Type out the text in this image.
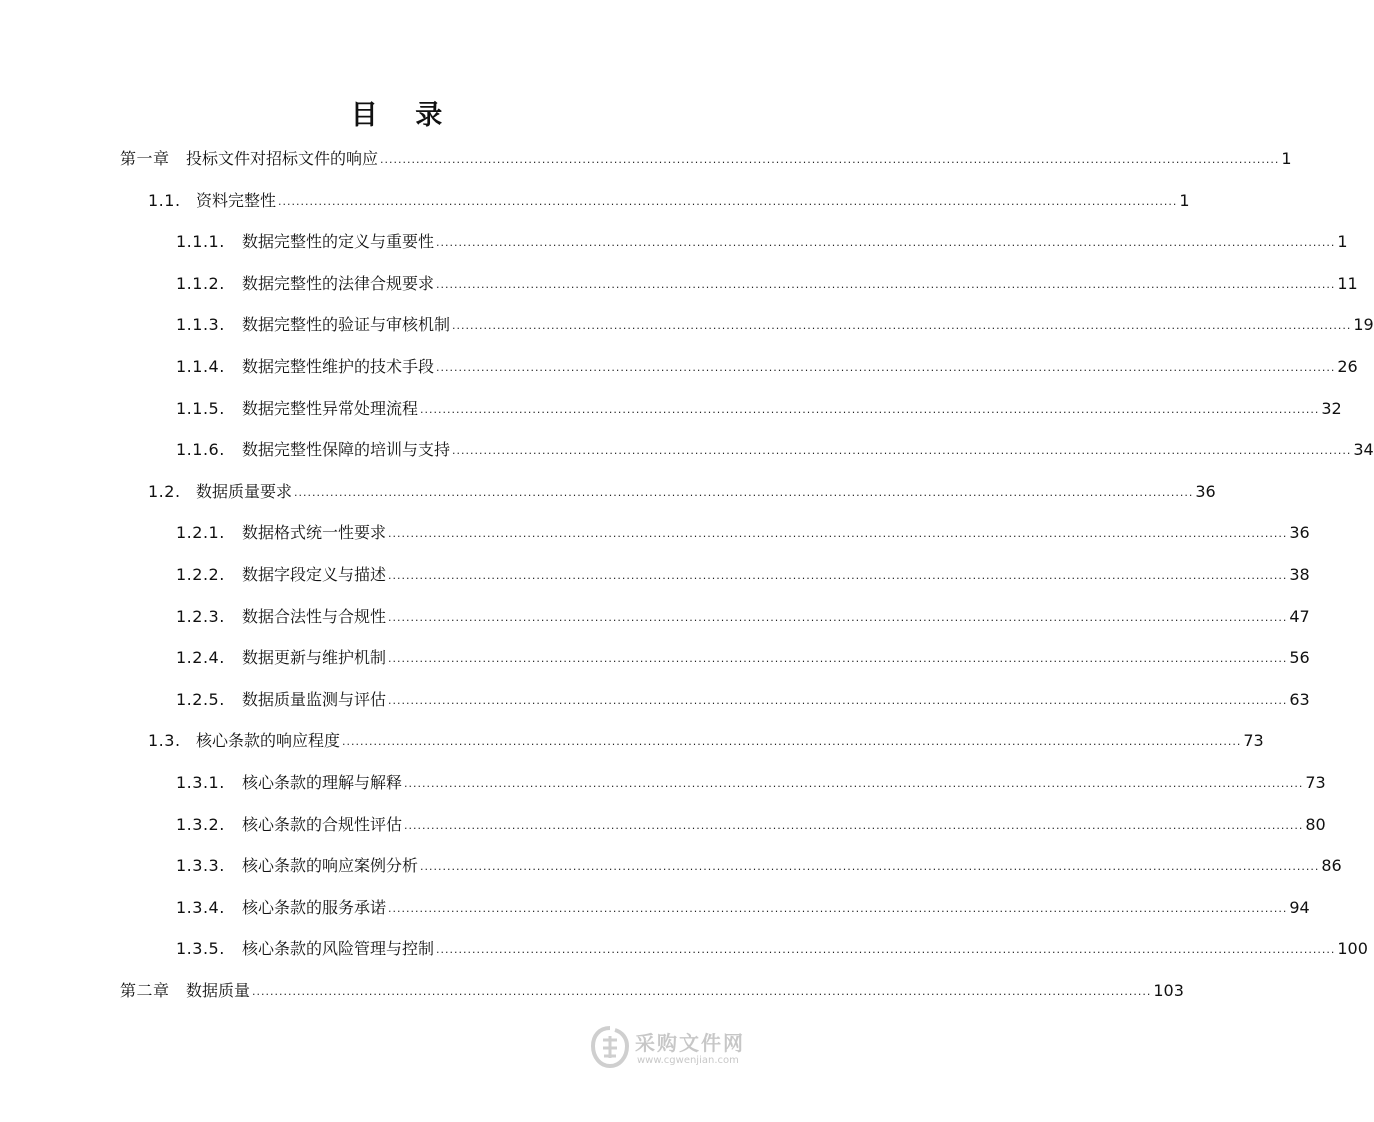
目 录
第一章	投标文件对招标文件的响应 ........................................................................................................................................................................................................ 1
1.1. 资料完整性 ........................................................................................................................................................................................................ 1
1.1.1.	数据完整性的定义与重要性 ........................................................................................................................................................................................................ 1
1.1.2.	数据完整性的法律合规要求 ........................................................................................................................................................................................................ 11
1.1.3.	数据完整性的验证与审核机制 ........................................................................................................................................................................................................ 19
1.1.4.	数据完整性维护的技术手段 ........................................................................................................................................................................................................ 26
1.1.5.	数据完整性异常处理流程 ........................................................................................................................................................................................................ 32
1.1.6.	数据完整性保障的培训与支持 ........................................................................................................................................................................................................ 34
1.2. 数据质量要求 ........................................................................................................................................................................................................ 36
1.2.1.	数据格式统一性要求 ........................................................................................................................................................................................................ 36
1.2.2.	数据字段定义与描述 ........................................................................................................................................................................................................ 38
1.2.3.	数据合法性与合规性 ........................................................................................................................................................................................................ 47
1.2.4.	数据更新与维护机制 ........................................................................................................................................................................................................ 56
1.2.5.	数据质量监测与评估 ........................................................................................................................................................................................................ 63
1.3. 核心条款的响应程度 ........................................................................................................................................................................................................ 73
1.3.1.	核心条款的理解与解释 ........................................................................................................................................................................................................ 73
1.3.2.	核心条款的合规性评估 ........................................................................................................................................................................................................ 80
1.3.3.	核心条款的响应案例分析 ........................................................................................................................................................................................................ 86
1.3.4.	核心条款的服务承诺 ........................................................................................................................................................................................................ 94
1.3.5.	核心条款的风险管理与控制 ........................................................................................................................................................................................................ 100
第二章	数据质量 ........................................................................................................................................................................................................ 103
采购文件网
www.cgwenjian.com
